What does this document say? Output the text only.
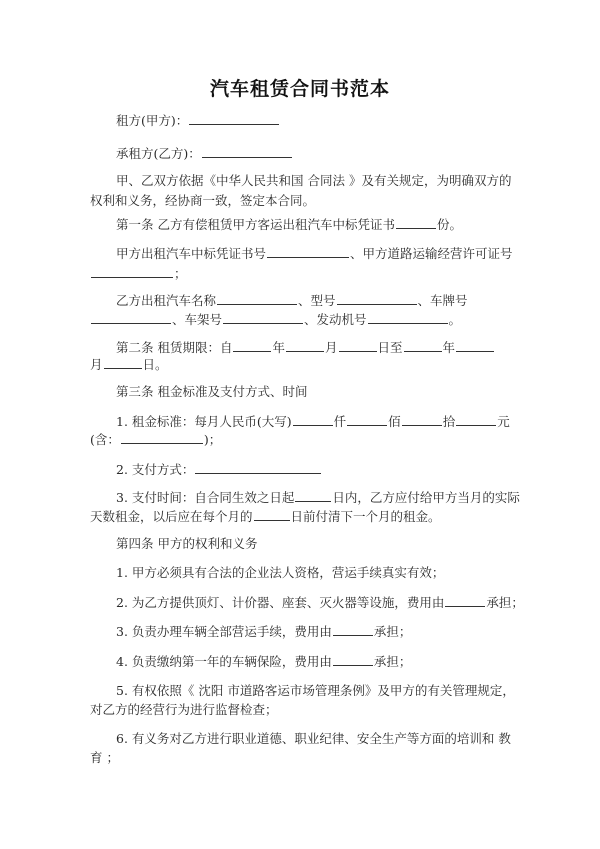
汽车租赁合同书范本
租方(甲方)：
承租方(乙方)：
甲、乙双方依据《中华人民共和国 合同法 》及有关规定，为明确双方的
权利和义务，经协商一致，签定本合同。
第一条 乙方有偿租赁甲方客运出租汽车中标凭证书	份。
甲方出租汽车中标凭证书号	、甲方道路运输经营许可证号
；
乙方出租汽车名称	、型号	、车牌号
、车架号	、发动机号	。
第二条 租赁期限：自	年	月	日至	年
月	日。
第三条 租金标准及支付方式、时间
1. 租金标准：每月人民币(大写)	仟	佰	拾	元
(含：	)；
2. 支付方式：
3. 支付时间：自合同生效之日起	日内，乙方应付给甲方当月的实际
天数租金，以后应在每个月的	日前付清下一个月的租金。
第四条 甲方的权利和义务
1. 甲方必须具有合法的企业法人资格，营运手续真实有效；
2. 为乙方提供顶灯、计价器、座套、灭火器等设施，费用由	承担；
3. 负责办理车辆全部营运手续，费用由	承担；
4. 负责缴纳第一年的车辆保险，费用由	承担；
5. 有权依照《 沈阳 市道路客运市场管理条例》及甲方的有关管理规定，
对乙方的经营行为进行监督检查；
6. 有义务对乙方进行职业道德、职业纪律、安全生产等方面的培训和 教
育 ；
